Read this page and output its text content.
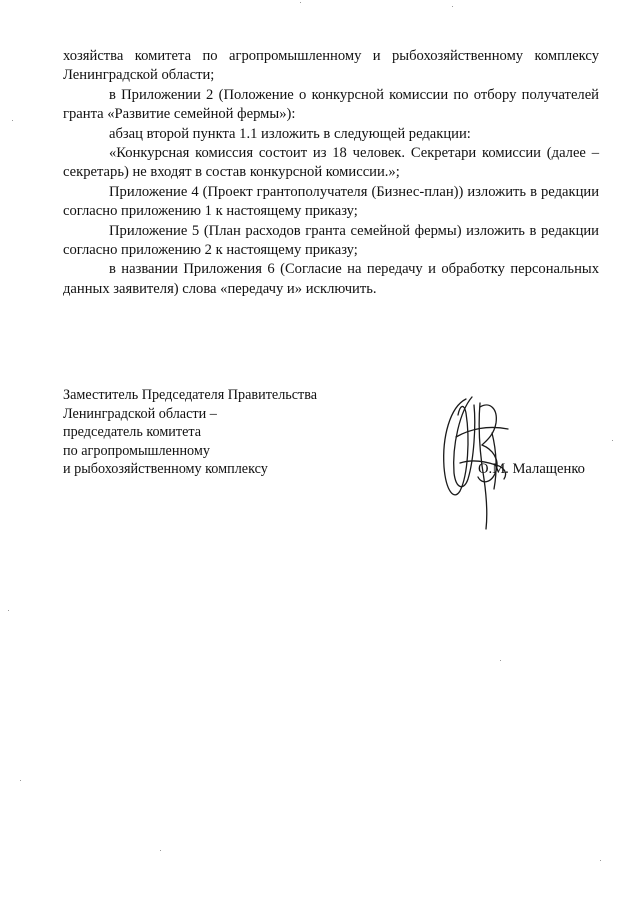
хозяйства комитета по агропромышленному и рыбохозяйственному комплексу Ленинградской области;

в Приложении 2 (Положение о конкурсной комиссии по отбору получателей гранта «Развитие семейной фермы»):

абзац второй пункта 1.1 изложить в следующей редакции:

«Конкурсная комиссия состоит из 18 человек. Секретари комиссии (далее – секретарь) не входят в состав конкурсной комиссии.»;

Приложение 4 (Проект грантополучателя (Бизнес-план)) изложить в редакции согласно приложению 1 к настоящему приказу;

Приложение 5 (План расходов гранта семейной фермы) изложить в редакции согласно приложению 2 к настоящему приказу;

в названии Приложения 6 (Согласие на передачу и обработку персональных данных заявителя) слова «передачу и» исключить.

Заместитель Председателя Правительства
Ленинградской области –
председатель комитета
по агропромышленному
и рыбохозяйственному комплексу	О.М. Малащенко
